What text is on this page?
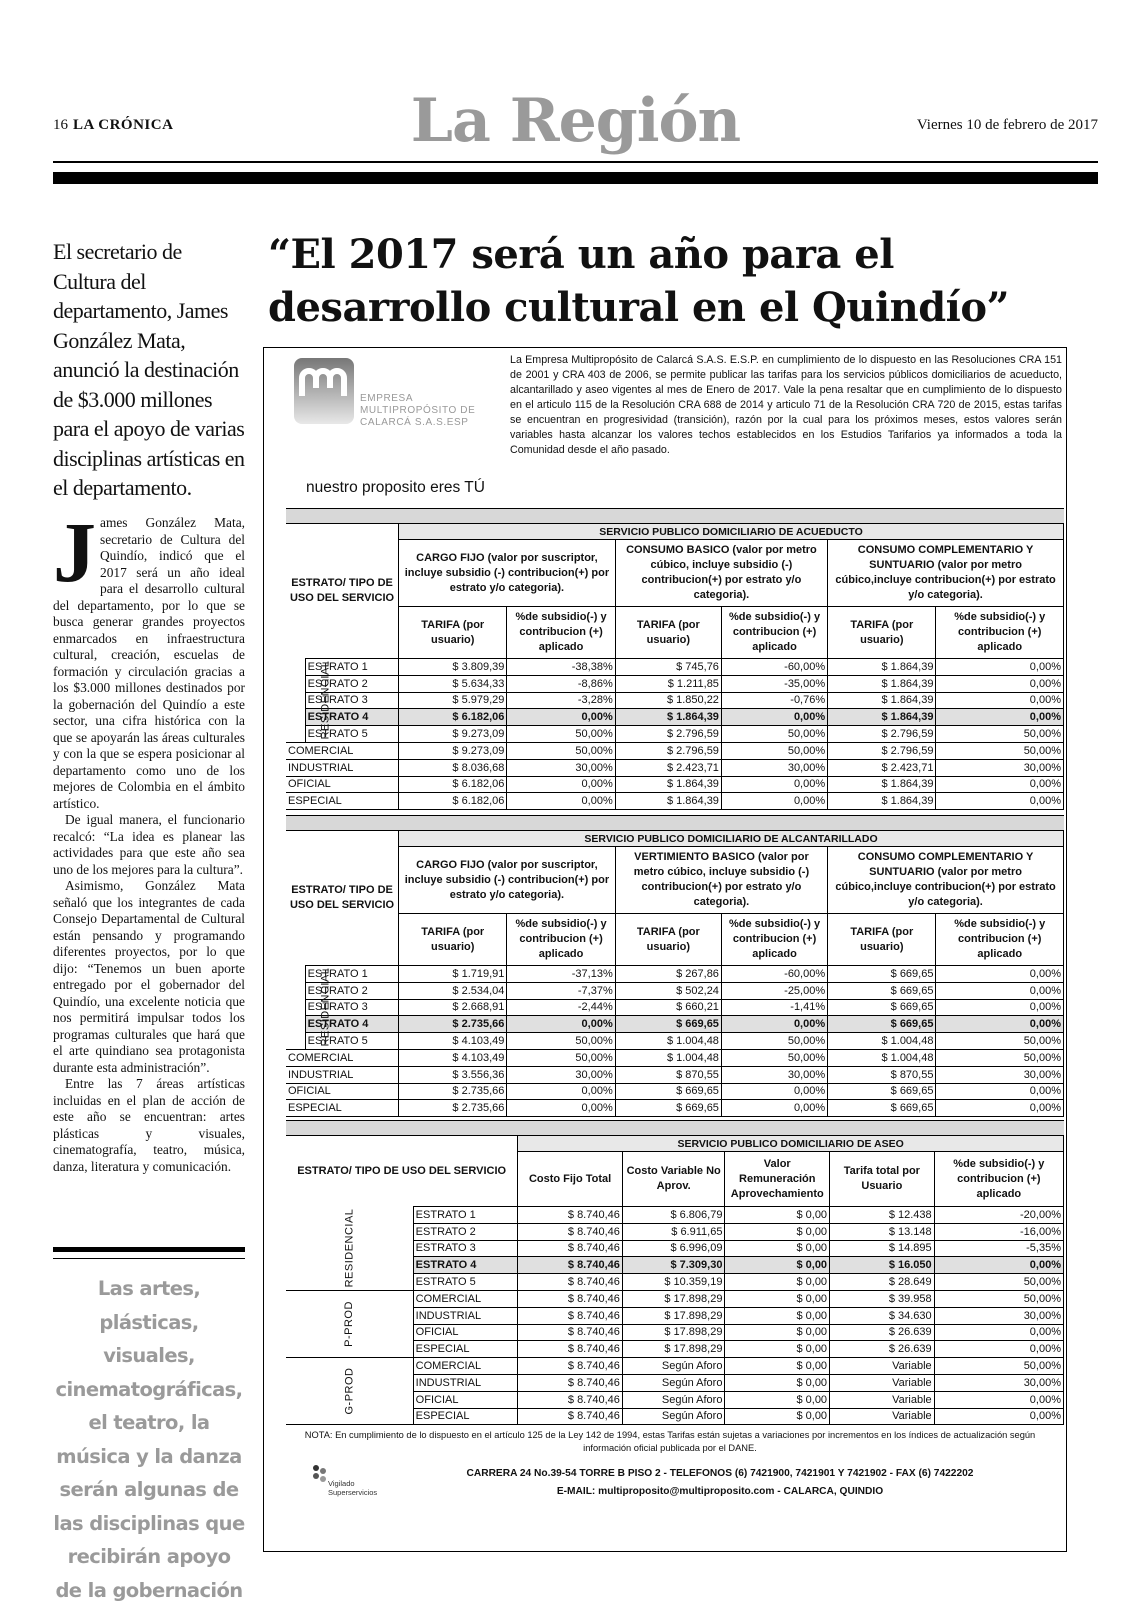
La Región
16 LA CRÓNICA	Viernes 10 de febrero de 2017
“El 2017 será un año para el desarrollo cultural en el Quindío”
El secretario de Cultura del departamento, James González Mata, anunció la destinación de $3.000 millones para el apoyo de varias disciplinas artísticas en el departamento.

James González Mata, secretario de Cultura del Quindío, indicó que el 2017 será un año ideal para el desarrollo cultural del departamento, por lo que se busca generar grandes proyectos enmarcados en infraestructura cultural, creación, escuelas de formación y circulación gracias a los $3.000 millones destinados por la gobernación del Quindío a este sector, una cifra histórica con la que se apoyarán las áreas culturales y con la que se espera posicionar al departamento como uno de los mejores de Colombia en el ámbito artístico.

De igual manera, el funcionario recalcó: “La idea es planear las actividades para que este año sea uno de los mejores para la cultura”.

Asimismo, González Mata señaló que los integrantes de cada Consejo Departamental de Cultural están pensando y programando diferentes proyectos, por lo que dijo: “Tenemos un buen aporte entregado por el gobernador del Quindío, una excelente noticia que nos permitirá impulsar todos los programas culturales que hará que el arte quindiano sea protagonista durante esta administración”.

Entre las 7 áreas artísticas incluidas en el plan de acción de este año se encuentran: artes plásticas y visuales, cinematografía, teatro, música, danza, literatura y comunicación.

Las artes, plásticas, visuales, cinematográficas, el teatro, la música y la danza serán algunas de las disciplinas que recibirán apoyo de la gobernación
EMPRESA MULTIPROPÓSITO DE CALARCÁ S.A.S.ESP
nuestro proposito eres TÚ
La Empresa Multipropósito de Calarcá S.A.S. E.S.P. en cumplimiento de lo dispuesto en las Resoluciones CRA 151 de 2001 y CRA 403 de 2006, se permite publicar las tarifas para los servicios públicos domiciliarios de acueducto, alcantarillado y aseo vigentes al mes de Enero de 2017. Vale la pena resaltar que en cumplimiento de lo dispuesto en el articulo 115 de la Resolución CRA 688 de 2014 y articulo 71 de la Resolución CRA 720 de 2015, estas tarifas se encuentran en progresividad (transición), razón por la cual para los próximos meses, estos valores serán variables hasta alcanzar los valores techos establecidos en los Estudios Tarifarios ya informados a toda la Comunidad desde el año pasado.

ESTRATO/ TIPO DE USO DEL SERVICIO		SERVICIO PUBLICO DOMICILIARIO DE ACUEDUCTO					
		CARGO FIJO (valor por suscriptor, incluye subsidio (-) contribucion(+) por estrato y/o categoria).		CONSUMO BASICO (valor por metro cúbico, incluye subsidio (-) contribucion(+) por estrato y/o categoria).		CONSUMO COMPLEMENTARIO Y SUNTUARIO (valor por metro cúbico,incluye contribucion(+) por estrato y/o categoria).	
		TARIFA (por usuario)	%de subsidio(-) y contribucion (+) aplicado	TARIFA (por usuario)	%de subsidio(-) y contribucion (+) aplicado	TARIFA (por usuario)	%de subsidio(-) y contribucion (+) aplicado
RESIDENCIAL	ESTRATO 1	$ 3.809,39	-38,38%	$ 745,76	-60,00%	$ 1.864,39	0,00%
	ESTRATO 2	$ 5.634,33	-8,86%	$ 1.211,85	-35,00%	$ 1.864,39	0,00%
	ESTRATO 3	$ 5.979,29	-3,28%	$ 1.850,22	-0,76%	$ 1.864,39	0,00%
	ESTRATO 4	$ 6.182,06	0,00%	$ 1.864,39	0,00%	$ 1.864,39	0,00%
	ESTRATO 5	$ 9.273,09	50,00%	$ 2.796,59	50,00%	$ 2.796,59	50,00%
COMERCIAL		$ 9.273,09	50,00%	$ 2.796,59	50,00%	$ 2.796,59	50,00%
INDUSTRIAL		$ 8.036,68	30,00%	$ 2.423,71	30,00%	$ 2.423,71	30,00%
OFICIAL		$ 6.182,06	0,00%	$ 1.864,39	0,00%	$ 1.864,39	0,00%
ESPECIAL		$ 6.182,06	0,00%	$ 1.864,39	0,00%	$ 1.864,39	0,00%

ESTRATO/ TIPO DE USO DEL SERVICIO		SERVICIO PUBLICO DOMICILIARIO DE ALCANTARILLADO					
		CARGO FIJO (valor por suscriptor, incluye subsidio (-) contribucion(+) por estrato y/o categoria).		VERTIMIENTO BASICO (valor por metro cúbico, incluye subsidio (-) contribucion(+) por estrato y/o categoria).		CONSUMO COMPLEMENTARIO Y SUNTUARIO (valor por metro cúbico,incluye contribucion(+) por estrato y/o categoria).	
		TARIFA (por usuario)	%de subsidio(-) y contribucion (+) aplicado	TARIFA (por usuario)	%de subsidio(-) y contribucion (+) aplicado	TARIFA (por usuario)	%de subsidio(-) y contribucion (+) aplicado
RESIDENCIAL	ESTRATO 1	$ 1.719,91	-37,13%	$ 267,86	-60,00%	$ 669,65	0,00%
	ESTRATO 2	$ 2.534,04	-7,37%	$ 502,24	-25,00%	$ 669,65	0,00%
	ESTRATO 3	$ 2.668,91	-2,44%	$ 660,21	-1,41%	$ 669,65	0,00%
	ESTRATO 4	$ 2.735,66	0,00%	$ 669,65	0,00%	$ 669,65	0,00%
	ESTRATO 5	$ 4.103,49	50,00%	$ 1.004,48	50,00%	$ 1.004,48	50,00%
COMERCIAL		$ 4.103,49	50,00%	$ 1.004,48	50,00%	$ 1.004,48	50,00%
INDUSTRIAL		$ 3.556,36	30,00%	$ 870,55	30,00%	$ 870,55	30,00%
OFICIAL		$ 2.735,66	0,00%	$ 669,65	0,00%	$ 669,65	0,00%
ESPECIAL		$ 2.735,66	0,00%	$ 669,65	0,00%	$ 669,65	0,00%

ESTRATO/ TIPO DE USO DEL SERVICIO		SERVICIO PUBLICO DOMICILIARIO DE ASEO				
		Costo Fijo Total	Costo Variable No Aprov.	Valor Remuneración Aprovechamiento	Tarifa total por Usuario	%de subsidio(-) y contribucion (+) aplicado
RESIDENCIAL	ESTRATO 1	$ 8.740,46	$ 6.806,79	$ 0,00	$ 12.438	-20,00%
	ESTRATO 2	$ 8.740,46	$ 6.911,65	$ 0,00	$ 13.148	-16,00%
	ESTRATO 3	$ 8.740,46	$ 6.996,09	$ 0,00	$ 14.895	-5,35%
	ESTRATO 4	$ 8.740,46	$ 7.309,30	$ 0,00	$ 16.050	0,00%
	ESTRATO 5	$ 8.740,46	$ 10.359,19	$ 0,00	$ 28.649	50,00%
P-PROD	COMERCIAL	$ 8.740,46	$ 17.898,29	$ 0,00	$ 39.958	50,00%
	INDUSTRIAL	$ 8.740,46	$ 17.898,29	$ 0,00	$ 34.630	30,00%
	OFICIAL	$ 8.740,46	$ 17.898,29	$ 0,00	$ 26.639	0,00%
	ESPECIAL	$ 8.740,46	$ 17.898,29	$ 0,00	$ 26.639	0,00%
G-PROD	COMERCIAL	$ 8.740,46	Según Aforo	$ 0,00	Variable	50,00%
	INDUSTRIAL	$ 8.740,46	Según Aforo	$ 0,00	Variable	30,00%
	OFICIAL	$ 8.740,46	Según Aforo	$ 0,00	Variable	0,00%
	ESPECIAL	$ 8.740,46	Según Aforo	$ 0,00	Variable	0,00%
NOTA: En cumplimiento de lo dispuesto en el artículo 125 de la Ley 142 de 1994, estas Tarifas están sujetas a variaciones por incrementos en los índices de actualización según información oficial publicada por el DANE.
Vigilado Superservicios
CARRERA 24 No.39-54 TORRE B PISO 2 - TELEFONOS (6) 7421900, 7421901 Y 7421902 - FAX (6) 7422202
E-MAIL: multiproposito@multiproposito.com - CALARCA, QUINDIO
